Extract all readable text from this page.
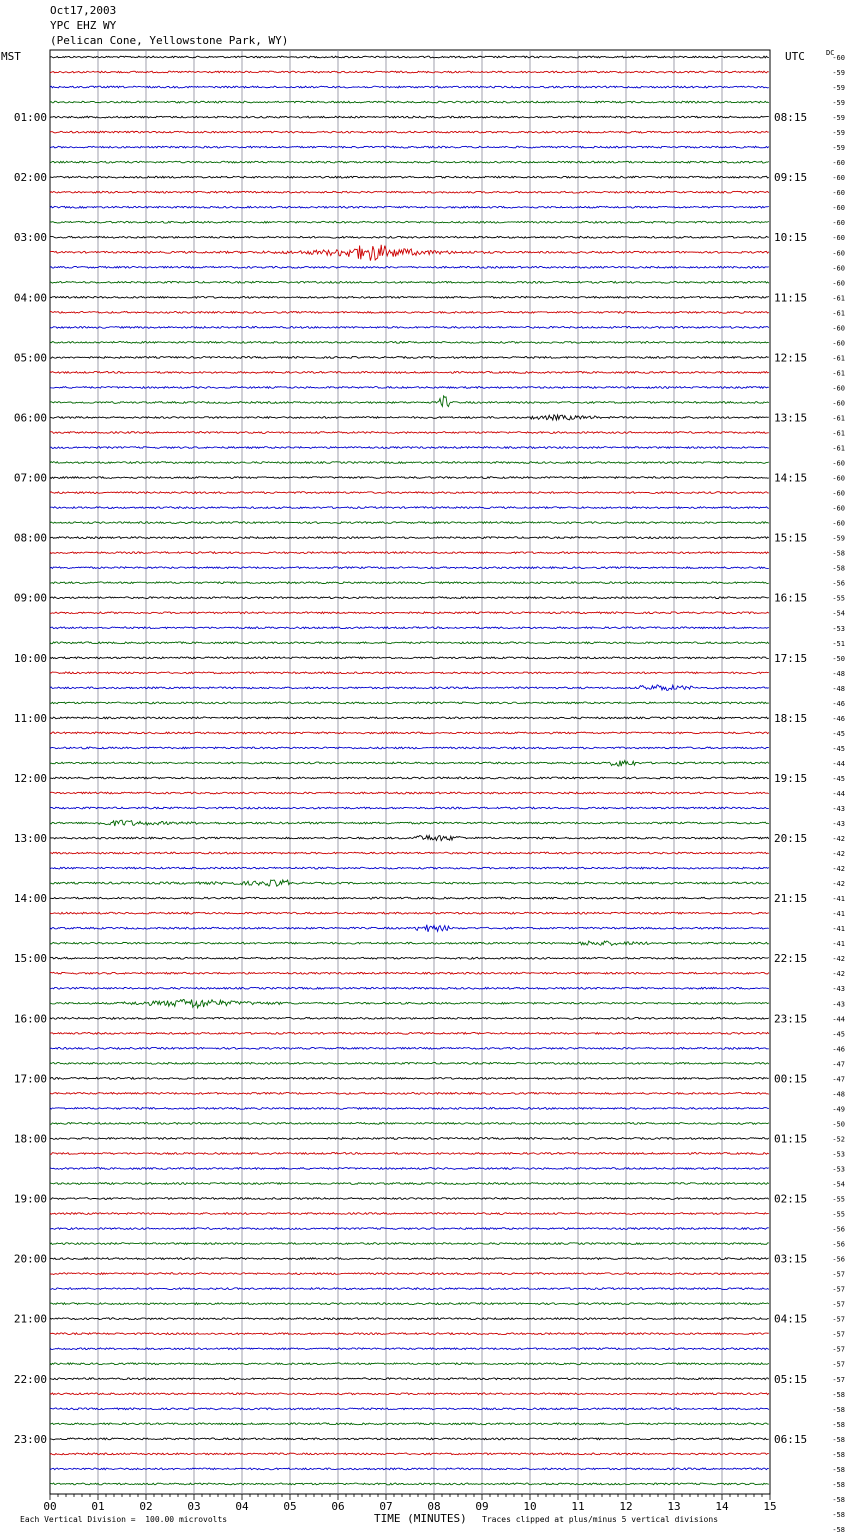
Oct17,2003
YPC EHZ WY
(Pelican Cone, Yellowstone Park, WY)
MST	UTC	DC
01:00
02:00
03:00
04:00
05:00
06:00
07:00
08:00
09:00
10:00
11:00
12:00
13:00
14:00
15:00
16:00
17:00
18:00
19:00
20:00
21:00
22:00
23:00
08:15
09:15
10:15
11:15
12:15
13:15
14:15
15:15
16:15
17:15
18:15
19:15
20:15
21:15
22:15
23:15
00:15
01:15
02:15
03:15
04:15
05:15
06:15
-60
-59
-59
-59
-59
-59
-59
-60
-60
-60
-60
-60
-60
-60
-60
-60
-61
-61
-60
-60
-61
-61
-60
-60
-61
-61
-61
-60
-60
-60
-60
-60
-59
-58
-58
-56
-55
-54
-53
-51
-50
-48
-48
-46
-46
-45
-45
-44
-45
-44
-43
-43
-42
-42
-42
-42
-41
-41
-41
-41
-42
-42
-43
-43
-44
-45
-46
-47
-47
-48
-49
-50
-52
-53
-53
-54
-55
-55
-56
-56
-56
-57
-57
-57
-57
-57
-57
-57
-57
-58
-58
-58
-58
-58
-58
-58
-58
-58
-58
00	01	02	03	04	05	06	07	08	09	10	11	12	13	14	15
Each Vertical Division =  100.00 microvolts	TIME (MINUTES) Traces clipped at plus/minus 5 vertical divisions
